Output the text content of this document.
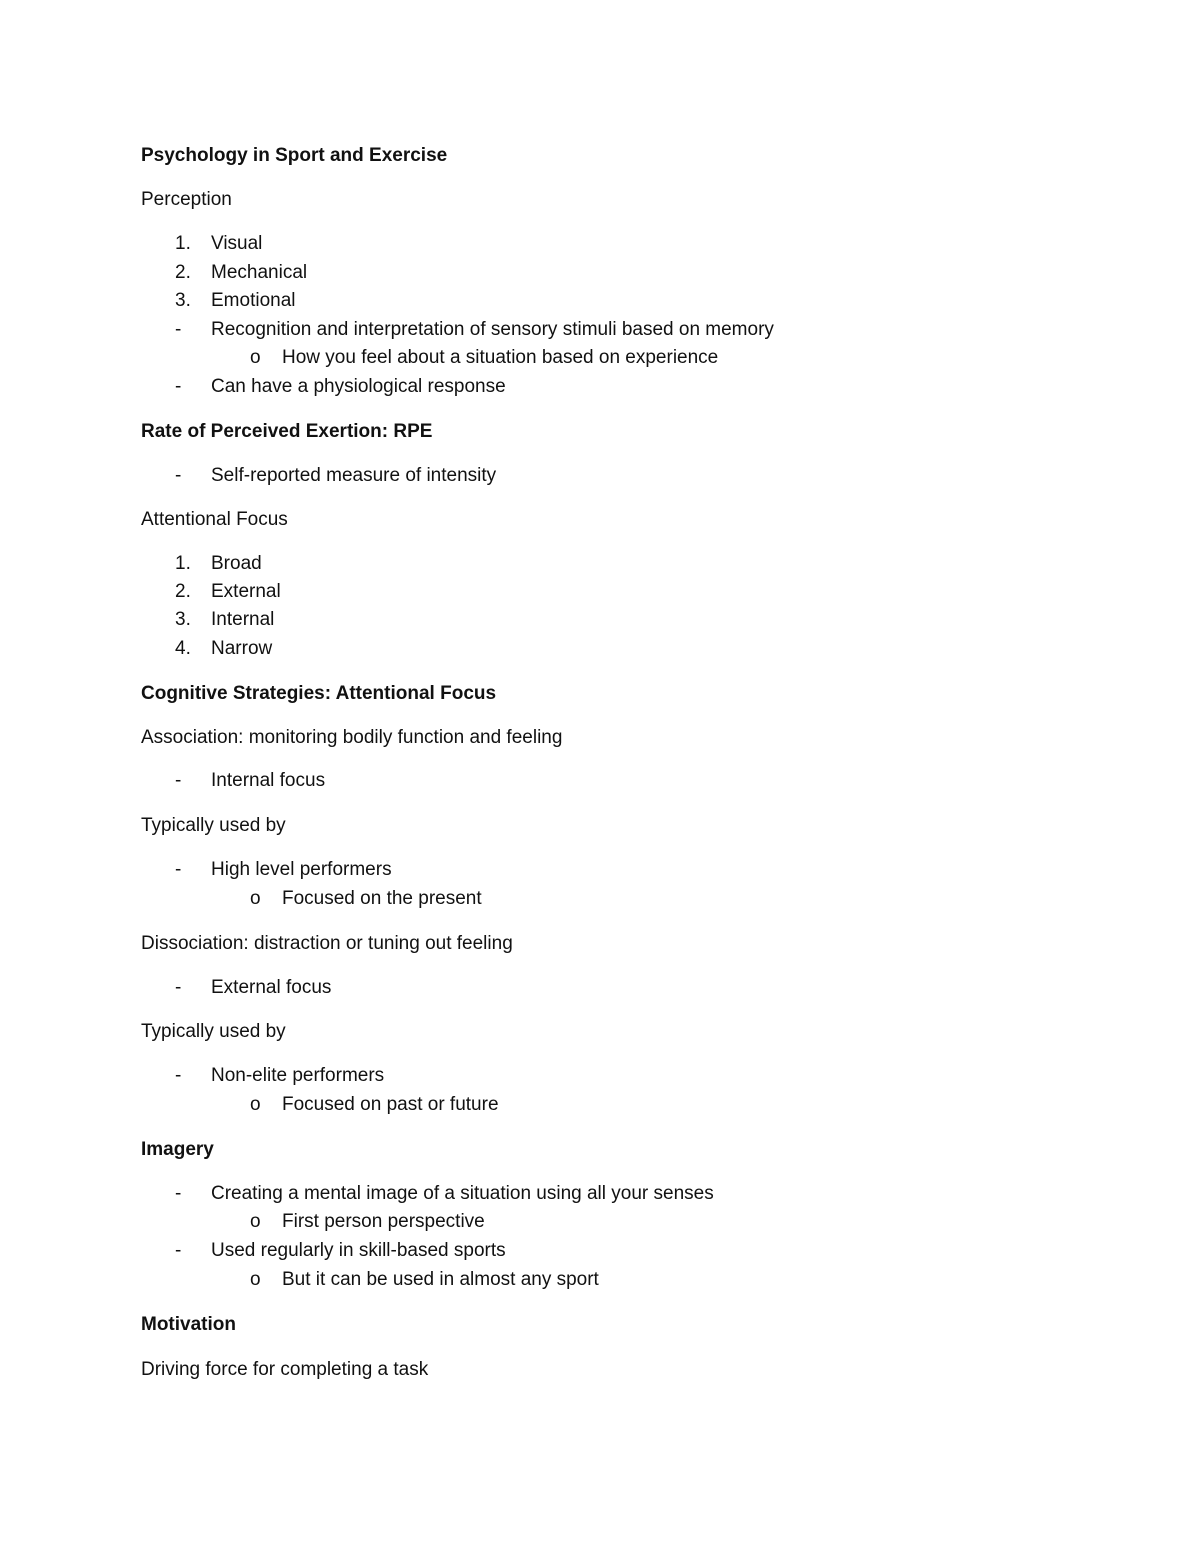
Psychology in Sport and Exercise
Perception
1. Visual
2. Mechanical
3. Emotional
- Recognition and interpretation of sensory stimuli based on memory
o How you feel about a situation based on experience
- Can have a physiological response
Rate of Perceived Exertion: RPE
- Self-reported measure of intensity
Attentional Focus
1. Broad
2. External
3. Internal
4. Narrow
Cognitive Strategies: Attentional Focus
Association: monitoring bodily function and feeling
- Internal focus
Typically used by
- High level performers
o Focused on the present
Dissociation: distraction or tuning out feeling
- External focus
Typically used by
- Non-elite performers
o Focused on past or future
Imagery
- Creating a mental image of a situation using all your senses
o First person perspective
- Used regularly in skill-based sports
o But it can be used in almost any sport
Motivation
Driving force for completing a task
